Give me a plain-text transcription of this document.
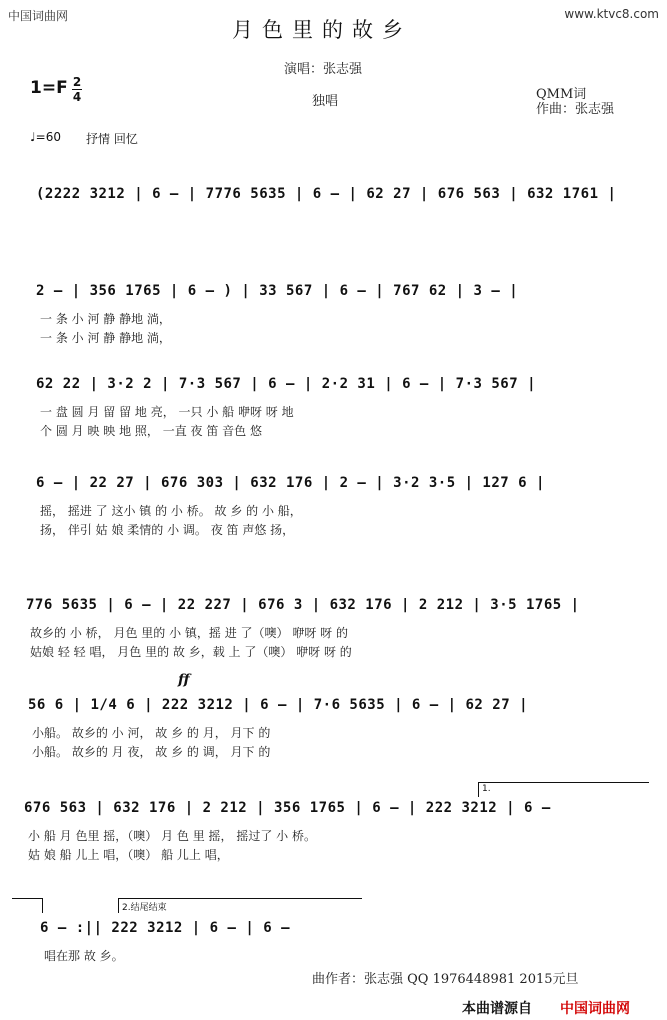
中国词曲网	www.ktvc8.com
月色里的故乡
演唱：张志强
独唱	QMM词
作曲：张志强
1=F 2
4
♩=60 抒情 回忆
ff
1.
2.结尾结束
(2222 3212 | 6 – | 7776 5635 | 6 – | 62 27 | 676 563 | 632 1761 |
2 – | 356 1765 | 6 – ) | 33 567 | 6 – | 767 62 | 3 – |
一 条 小 河 静 静地 淌，
一 条 小 河 静 静地 淌，
62 22 | 3·2 2 | 7·3 567 | 6 – | 2·2 31 | 6 – | 7·3 567 |
一 盘 圆 月 留 留 地 亮， 一只 小 船 咿呀 呀 地
个 圆 月 映 映 地 照， 一直 夜 笛 音色 悠
6 – | 22 27 | 676 303 | 632 176 | 2 – | 3·2 3·5 | 127 6 |
摇， 摇进 了 这小 镇 的 小 桥。 故 乡 的 小 船，
扬， 伴引 姑 娘 柔情的 小 调。 夜 笛 声悠 扬，
776 5635 | 6 – | 22 227 | 676 3 | 632 176 | 2 212 | 3·5 1765 |
故乡的 小 桥， 月色 里的 小 镇，摇 进 了（噢） 咿呀 呀 的
姑娘 轻 轻 唱， 月色 里的 故 乡，载 上 了（噢） 咿呀 呀 的
56 6 | 1/4 6 | 222 3212 | 6 – | 7·6 5635 | 6 – | 62 27 |
小船。 故乡的 小 河， 故 乡 的 月， 月下 的
小船。 故乡的 月 夜， 故 乡 的 调， 月下 的
676 563 | 632 176 | 2 212 | 356 1765 | 6 – | 222 3212 | 6 –
小 船 月 色里 摇，（噢） 月 色 里 摇， 摇过了 小 桥。
姑 娘 船 儿上 唱，（噢） 船 儿上 唱，
6 – :|| 222 3212 | 6 – | 6 –
唱在那 故 乡。
曲作者：张志强 QQ 1976448981 2015元旦
本曲谱源自 中国词曲网
